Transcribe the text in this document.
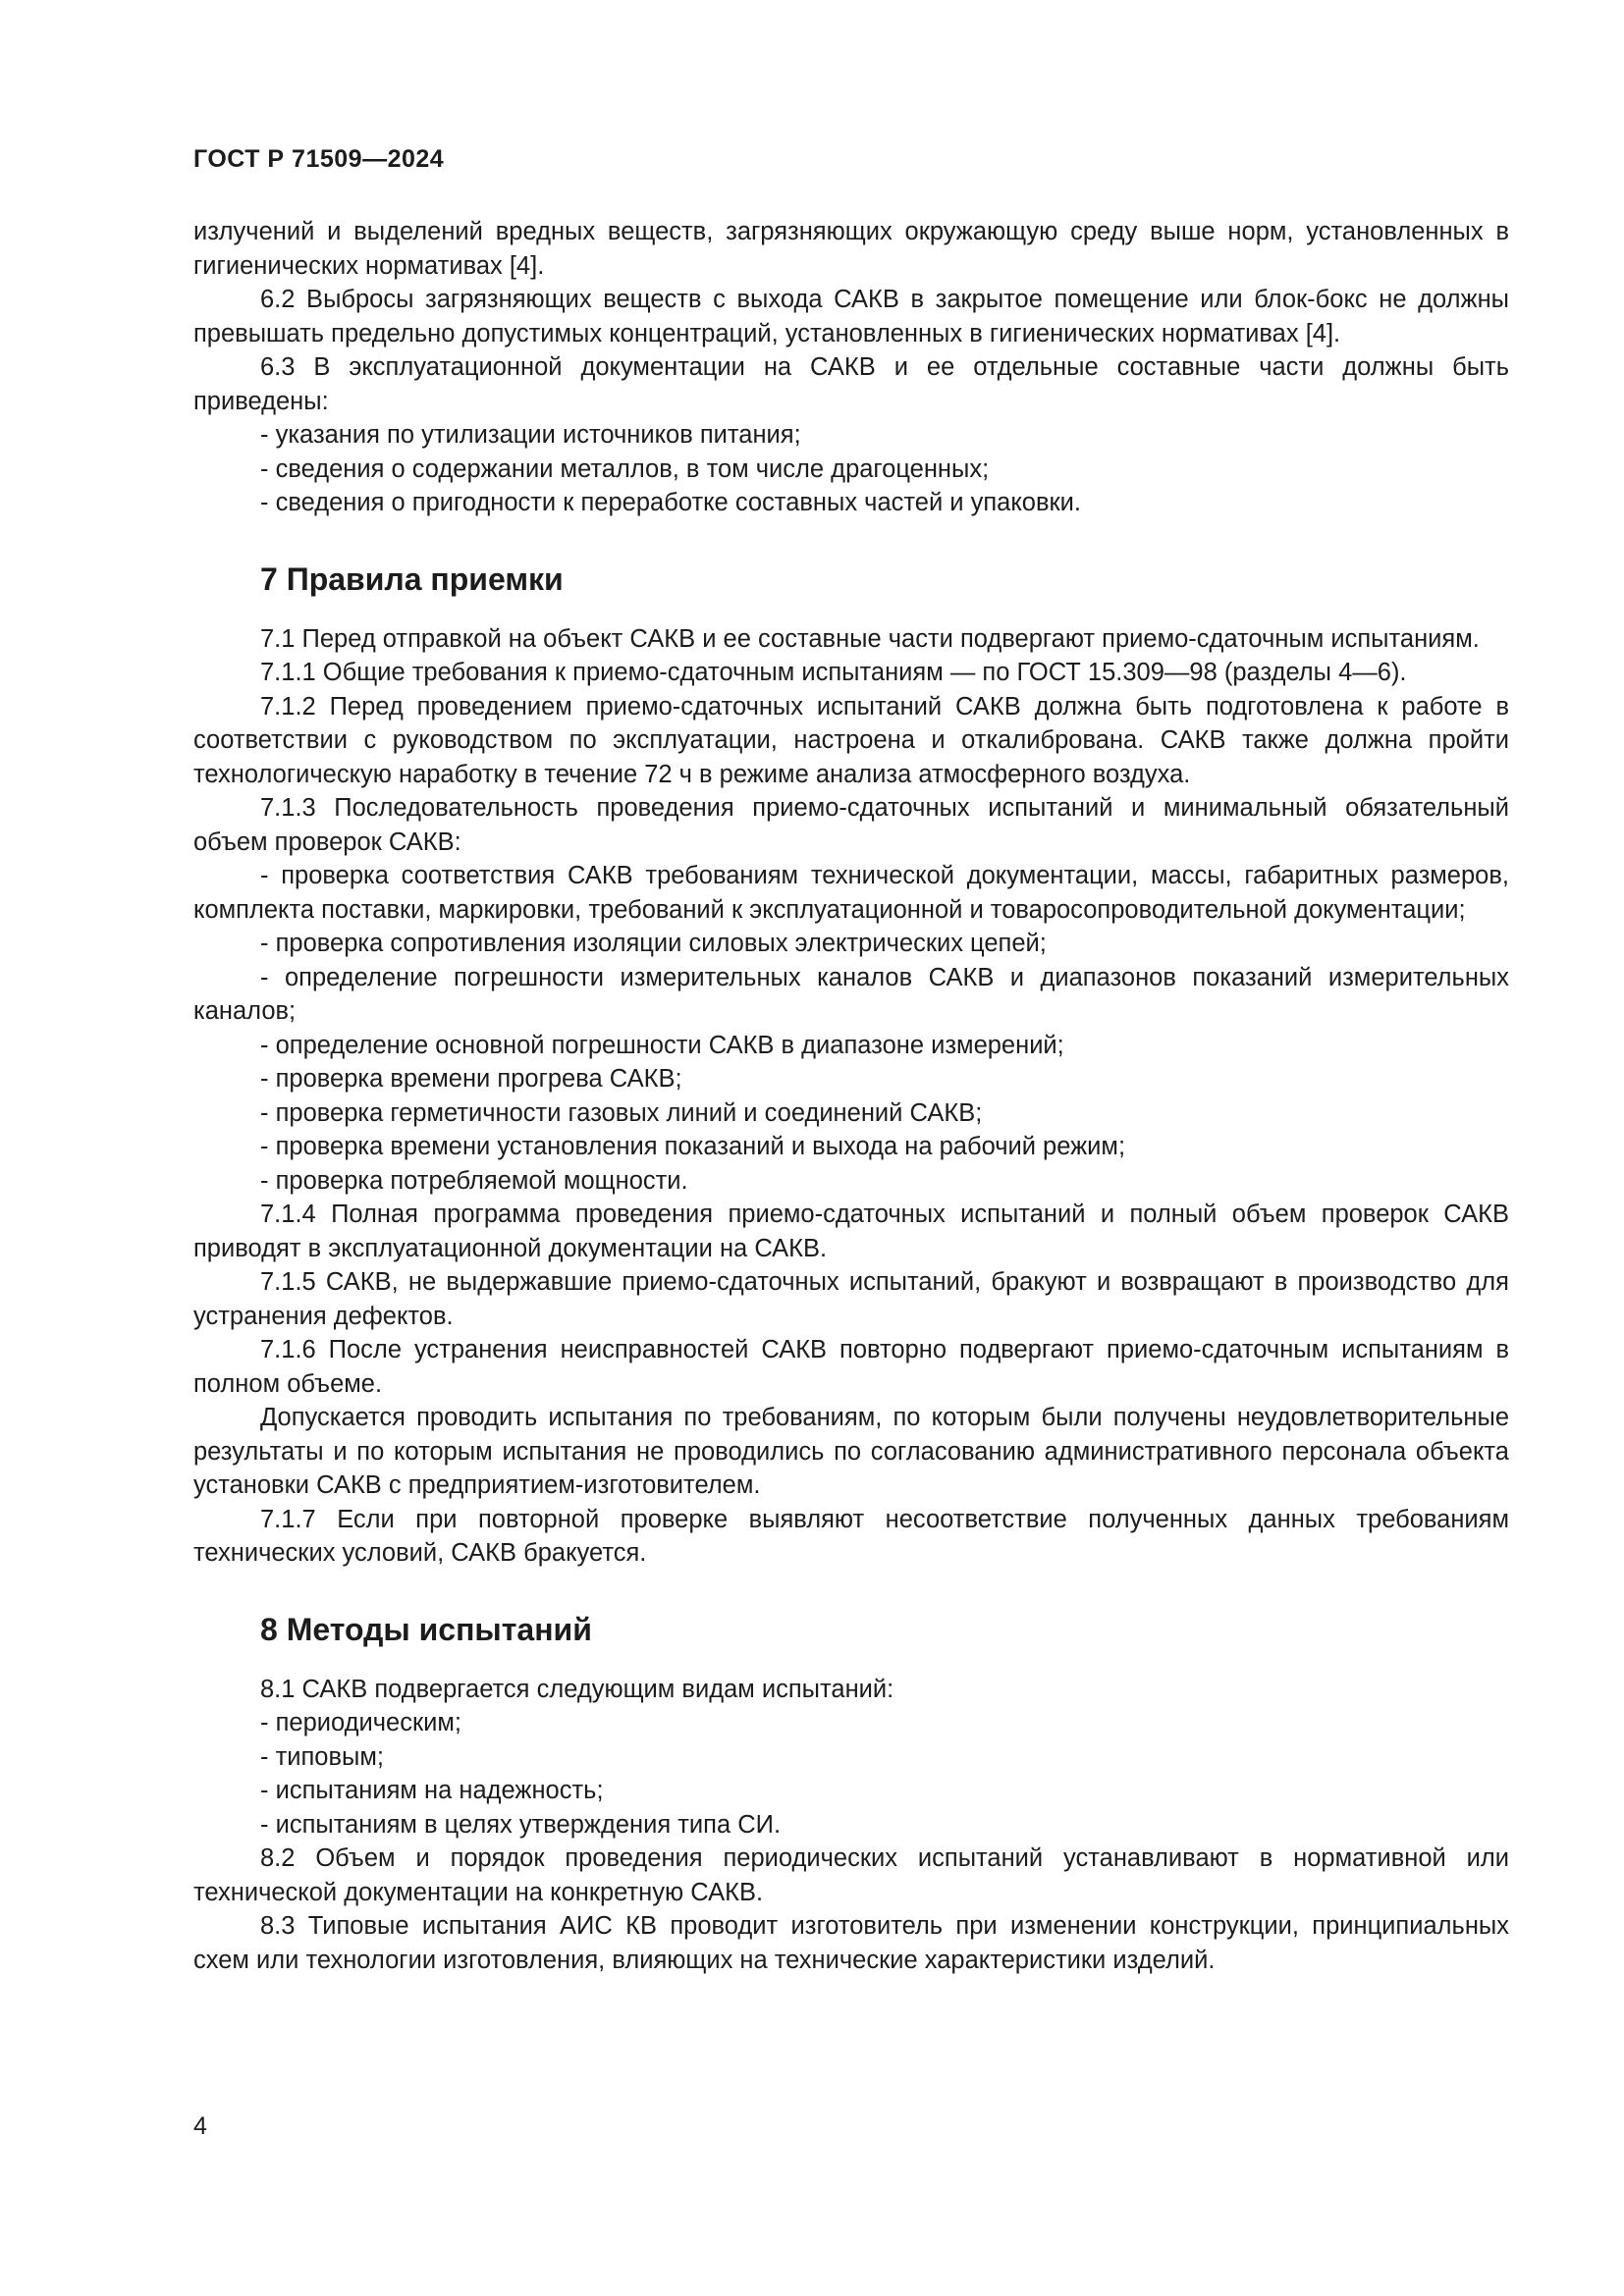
ГОСТ Р 71509—2024

излучений и выделений вредных веществ, загрязняющих окружающую среду выше норм, установленных в гигиенических нормативах [4].

6.2 Выбросы загрязняющих веществ с выхода САКВ в закрытое помещение или блок-бокс не должны превышать предельно допустимых концентраций, установленных в гигиенических нормативах [4].

6.3 В эксплуатационной документации на САКВ и ее отдельные составные части должны быть приведены:

- указания по утилизации источников питания;

- сведения о содержании металлов, в том числе драгоценных;

- сведения о пригодности к переработке составных частей и упаковки.

7 Правила приемки

7.1 Перед отправкой на объект САКВ и ее составные части подвергают приемо-сдаточным испытаниям.

7.1.1 Общие требования к приемо-сдаточным испытаниям — по ГОСТ 15.309—98 (разделы 4—6).

7.1.2 Перед проведением приемо-сдаточных испытаний САКВ должна быть подготовлена к работе в соответствии с руководством по эксплуатации, настроена и откалибрована. САКВ также должна пройти технологическую наработку в течение 72 ч в режиме анализа атмосферного воздуха.

7.1.3 Последовательность проведения приемо-сдаточных испытаний и минимальный обязательный объем проверок САКВ:

- проверка соответствия САКВ требованиям технической документации, массы, габаритных размеров, комплекта поставки, маркировки, требований к эксплуатационной и товаросопроводительной документации;

- проверка сопротивления изоляции силовых электрических цепей;

- определение погрешности измерительных каналов САКВ и диапазонов показаний измерительных каналов;

- определение основной погрешности САКВ в диапазоне измерений;

- проверка времени прогрева САКВ;

- проверка герметичности газовых линий и соединений САКВ;

- проверка времени установления показаний и выхода на рабочий режим;

- проверка потребляемой мощности.

7.1.4 Полная программа проведения приемо-сдаточных испытаний и полный объем проверок САКВ приводят в эксплуатационной документации на САКВ.

7.1.5 САКВ, не выдержавшие приемо-сдаточных испытаний, бракуют и возвращают в производство для устранения дефектов.

7.1.6 После устранения неисправностей САКВ повторно подвергают приемо-сдаточным испытаниям в полном объеме.

Допускается проводить испытания по требованиям, по которым были получены неудовлетворительные результаты и по которым испытания не проводились по согласованию административного персонала объекта установки САКВ с предприятием-изготовителем.

7.1.7 Если при повторной проверке выявляют несоответствие полученных данных требованиям технических условий, САКВ бракуется.

8 Методы испытаний

8.1 САКВ подвергается следующим видам испытаний:

- периодическим;

- типовым;

- испытаниям на надежность;

- испытаниям в целях утверждения типа СИ.

8.2 Объем и порядок проведения периодических испытаний устанавливают в нормативной или технической документации на конкретную САКВ.

8.3 Типовые испытания АИС КВ проводит изготовитель при изменении конструкции, принципиальных схем или технологии изготовления, влияющих на технические характеристики изделий.

4
